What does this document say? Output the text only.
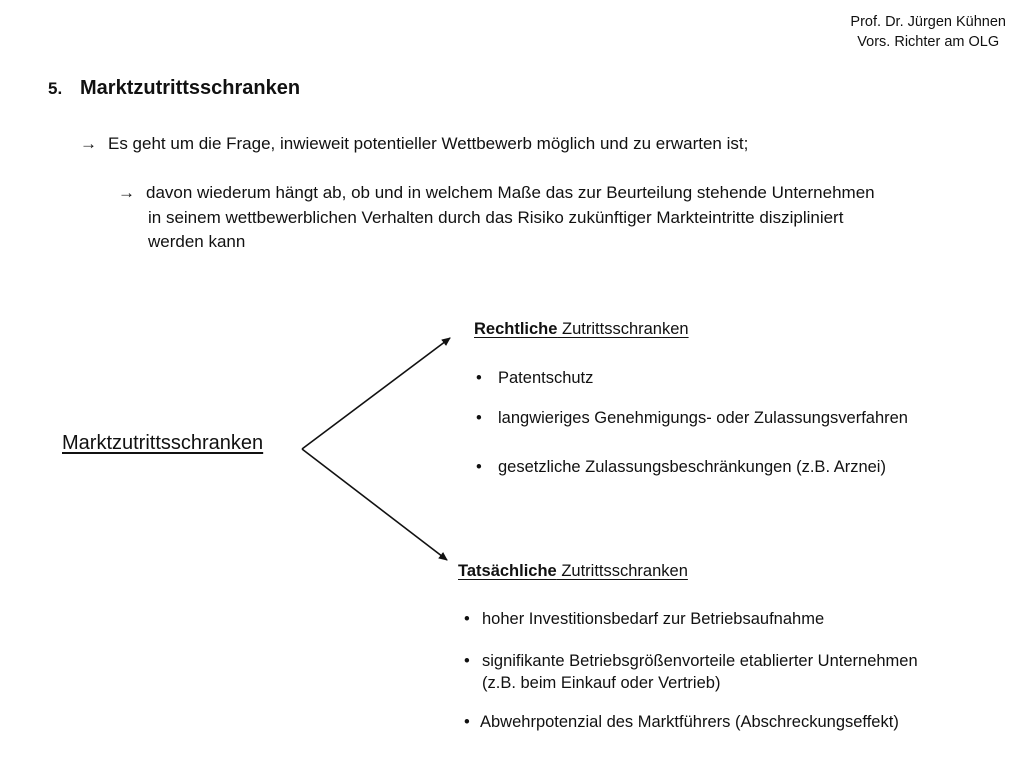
Prof. Dr. Jürgen Kühnen
Vors. Richter am OLG
5. Marktzutrittsschranken
→ Es geht um die Frage, inwieweit potentieller Wettbewerb möglich und zu erwarten ist;
→ davon wiederum hängt ab, ob und in welchem Maße das zur Beurteilung stehende Unternehmen
in seinem wettbewerblichen Verhalten durch das Risiko zukünftiger Markteintritte diszipliniert
werden kann
Marktzutrittsschranken
Rechtliche Zutrittsschranken
• Patentschutz
• langwieriges Genehmigungs- oder Zulassungsverfahren
• gesetzliche Zulassungsbeschränkungen (z.B. Arznei)
Tatsächliche Zutrittsschranken
• hoher Investitionsbedarf zur Betriebsaufnahme
• signifikante Betriebsgrößenvorteile etablierter Unternehmen
(z.B. beim Einkauf oder Vertrieb)
• Abwehrpotenzial des Marktführers (Abschreckungseffekt)
